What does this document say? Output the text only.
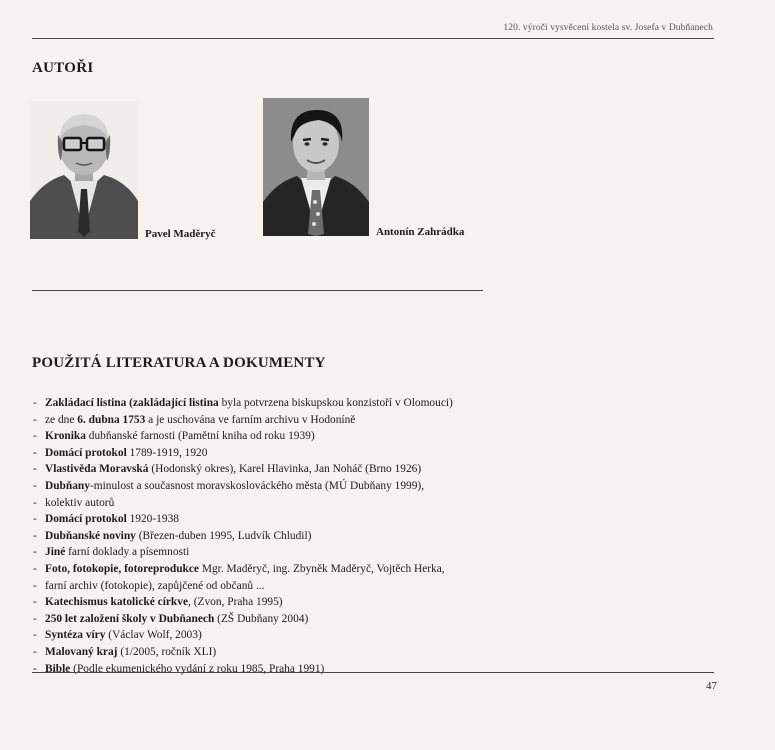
120. výročí vysvěcení kostela sv. Josefa v Dubňanech
AUTOŘI
Pavel Maděryč	Antonín Zahrádka
POUŽITÁ LITERATURA A DOKUMENTY
- Zakládací listina (zakládající listina byla potvrzena biskupskou konzistoří v Olomouci)
- ze dne 6. dubna 1753 a je uschována ve farním archivu v Hodoníně
- Kronika dubňanské farnosti (Pamětní kniha od roku 1939)
- Domácí protokol 1789-1919, 1920
- Vlastivěda Moravská (Hodonský okres), Karel Hlavinka, Jan Noháč (Brno 1926)
- Dubňany-minulost a současnost moravskoslováckého města (MÚ Dubňany 1999),
- kolektiv autorů
- Domácí protokol 1920-1938
- Dubňanské noviny (Březen-duben 1995, Ludvík Chludil)
- Jiné farní doklady a písemnosti
- Foto, fotokopie, fotoreprodukce Mgr. Maděryč, ing. Zbyněk Maděryč, Vojtěch Herka,
- farní archiv (fotokopie), zapůjčené od občanů ...
- Katechismus katolické církve, (Zvon, Praha 1995)
- 250 let založení školy v Dubňanech (ZŠ Dubňany 2004)
- Syntéza víry (Václav Wolf, 2003)
- Malovaný kraj (1/2005, ročník XLI)
- Bible (Podle ekumenického vydání z roku 1985, Praha 1991)
47
